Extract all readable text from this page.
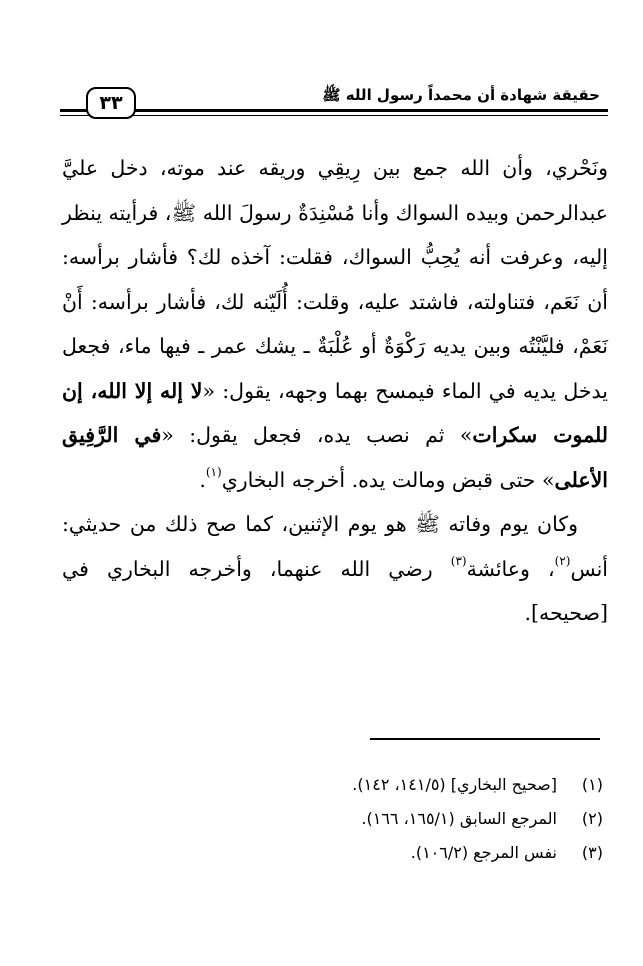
حقيقة شهادة أن محمداً رسول الله ﷺ
٣٣

ونَحْري، وأن الله جمع بين رِيقِي وريقه عند موته، دخل عليَّ عبدالرحمن وبيده السواك وأنا مُسْنِدَةٌ رسولَ الله ﷺ، فرأيته ينظر إليه، وعرفت أنه يُحِبُّ السواك، فقلت: آخذه لك؟ فأشار برأسه: أن نَعَم، فتناولته، فاشتد عليه، وقلت: أُلَيّنه لك، فأشار برأسه: أَنْ نَعَمْ، فليَّنْتُه وبين يديه رَكْوَةٌ أو عُلْبَةٌ ـ يشك عمر ـ فيها ماء، فجعل يدخل يديه في الماء فيمسح بهما وجهه، يقول: «لا إله إلا الله، إن للموت سكرات» ثم نصب يده، فجعل يقول: «في الرَّفِيق الأعلى» حتى قبض ومالت يده. أخرجه البخاري$^{(١)}$.

وكان يوم وفاته ﷺ هو يوم الإثنين، كما صح ذلك من حديثي: أنس$^{(٢)}$، وعائشة$^{(٣)}$ رضي الله عنهما، وأخرجه البخاري في [صحيحه].

(١)
[صحيح البخاري] (١٤١/٥، ١٤٢).
(٢)
المرجع السابق (١٦٥/١، ١٦٦).
(٣)
نفس المرجع (١٠٦/٢).
